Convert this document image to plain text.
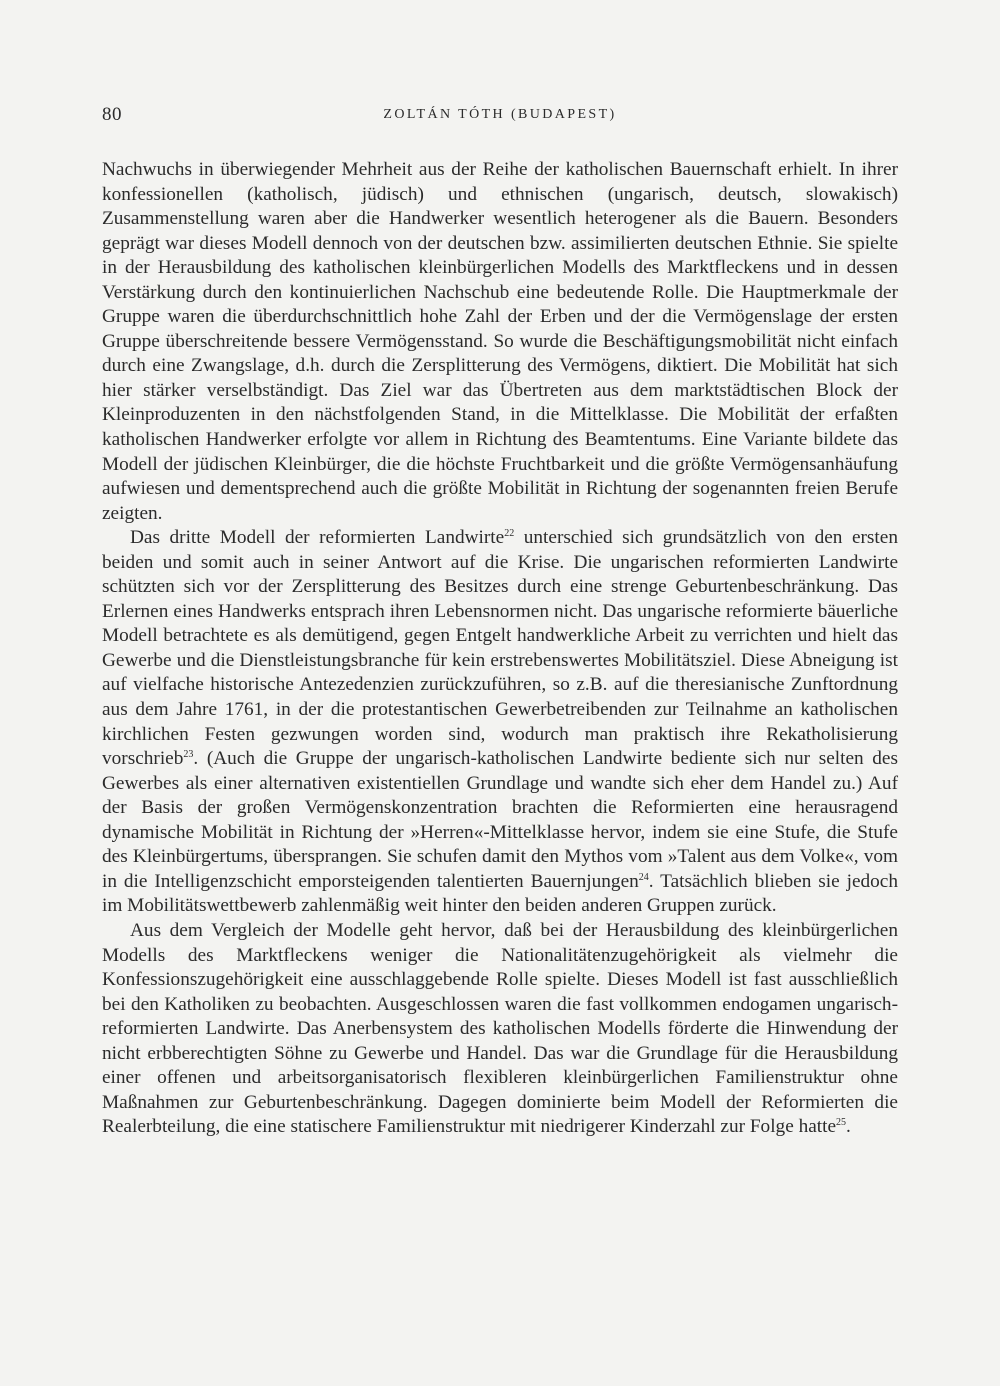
80	ZOLTÁN TÓTH (BUDAPEST)

Nachwuchs in überwiegender Mehrheit aus der Reihe der katholischen Bauernschaft erhielt. In ihrer konfessionellen (katholisch, jüdisch) und ethnischen (ungarisch, deutsch, slowakisch) Zusammenstellung waren aber die Handwerker wesentlich heterogener als die Bauern. Besonders geprägt war dieses Modell dennoch von der deutschen bzw. assimilierten deutschen Ethnie. Sie spielte in der Herausbildung des katholischen kleinbürgerlichen Modells des Marktfleckens und in dessen Verstärkung durch den kontinuierlichen Nachschub eine bedeutende Rolle. Die Hauptmerkmale der Gruppe waren die überdurchschnittlich hohe Zahl der Erben und der die Vermögenslage der ersten Gruppe überschreitende bessere Vermögensstand. So wurde die Beschäftigungsmobilität nicht einfach durch eine Zwangslage, d.h. durch die Zersplitterung des Vermögens, diktiert. Die Mobilität hat sich hier stärker verselbständigt. Das Ziel war das Übertreten aus dem marktstädtischen Block der Kleinproduzenten in den nächstfolgenden Stand, in die Mittelklasse. Die Mobilität der erfaßten katholischen Handwerker erfolgte vor allem in Richtung des Beamtentums. Eine Variante bildete das Modell der jüdischen Kleinbürger, die die höchste Fruchtbarkeit und die größte Vermögensanhäufung aufwiesen und dementsprechend auch die größte Mobilität in Richtung der sogenannten freien Berufe zeigten.

Das dritte Modell der reformierten Landwirte$^{22}$ unterschied sich grundsätzlich von den ersten beiden und somit auch in seiner Antwort auf die Krise. Die ungarischen reformierten Landwirte schützten sich vor der Zersplitterung des Besitzes durch eine strenge Geburtenbeschränkung. Das Erlernen eines Handwerks entsprach ihren Lebensnormen nicht. Das ungarische reformierte bäuerliche Modell betrachtete es als demütigend, gegen Entgelt handwerkliche Arbeit zu verrichten und hielt das Gewerbe und die Dienstleistungsbranche für kein erstrebenswertes Mobilitätsziel. Diese Abneigung ist auf vielfache historische Antezedenzien zurückzuführen, so z.B. auf die theresianische Zunftordnung aus dem Jahre 1761, in der die protestantischen Gewerbetreibenden zur Teilnahme an katholischen kirchlichen Festen gezwungen worden sind, wodurch man praktisch ihre Rekatholisierung vorschrieb$^{23}$. (Auch die Gruppe der ungarisch-katholischen Landwirte bediente sich nur selten des Gewerbes als einer alternativen existentiellen Grundlage und wandte sich eher dem Handel zu.) Auf der Basis der großen Vermögenskonzentration brachten die Reformierten eine herausragend dynamische Mobilität in Richtung der »Herren«-Mittelklasse hervor, indem sie eine Stufe, die Stufe des Kleinbürgertums, übersprangen. Sie schufen damit den Mythos vom »Talent aus dem Volke«, vom in die Intelligenzschicht emporsteigenden talentierten Bauernjungen$^{24}$. Tatsächlich blieben sie jedoch im Mobilitätswettbewerb zahlenmäßig weit hinter den beiden anderen Gruppen zurück.

Aus dem Vergleich der Modelle geht hervor, daß bei der Herausbildung des kleinbürgerlichen Modells des Marktfleckens weniger die Nationalitätenzugehörigkeit als vielmehr die Konfessionszugehörigkeit eine ausschlaggebende Rolle spielte. Dieses Modell ist fast ausschließlich bei den Katholiken zu beobachten. Ausgeschlossen waren die fast vollkommen endogamen ungarisch-reformierten Landwirte. Das Anerbensystem des katholischen Modells förderte die Hinwendung der nicht erbberechtigten Söhne zu Gewerbe und Handel. Das war die Grundlage für die Herausbildung einer offenen und arbeitsorganisatorisch flexibleren kleinbürgerlichen Familienstruktur ohne Maßnahmen zur Geburtenbeschränkung. Dagegen dominierte beim Modell der Reformierten die Realerbteilung, die eine statischere Familienstruktur mit niedrigerer Kinderzahl zur Folge hatte$^{25}$.
